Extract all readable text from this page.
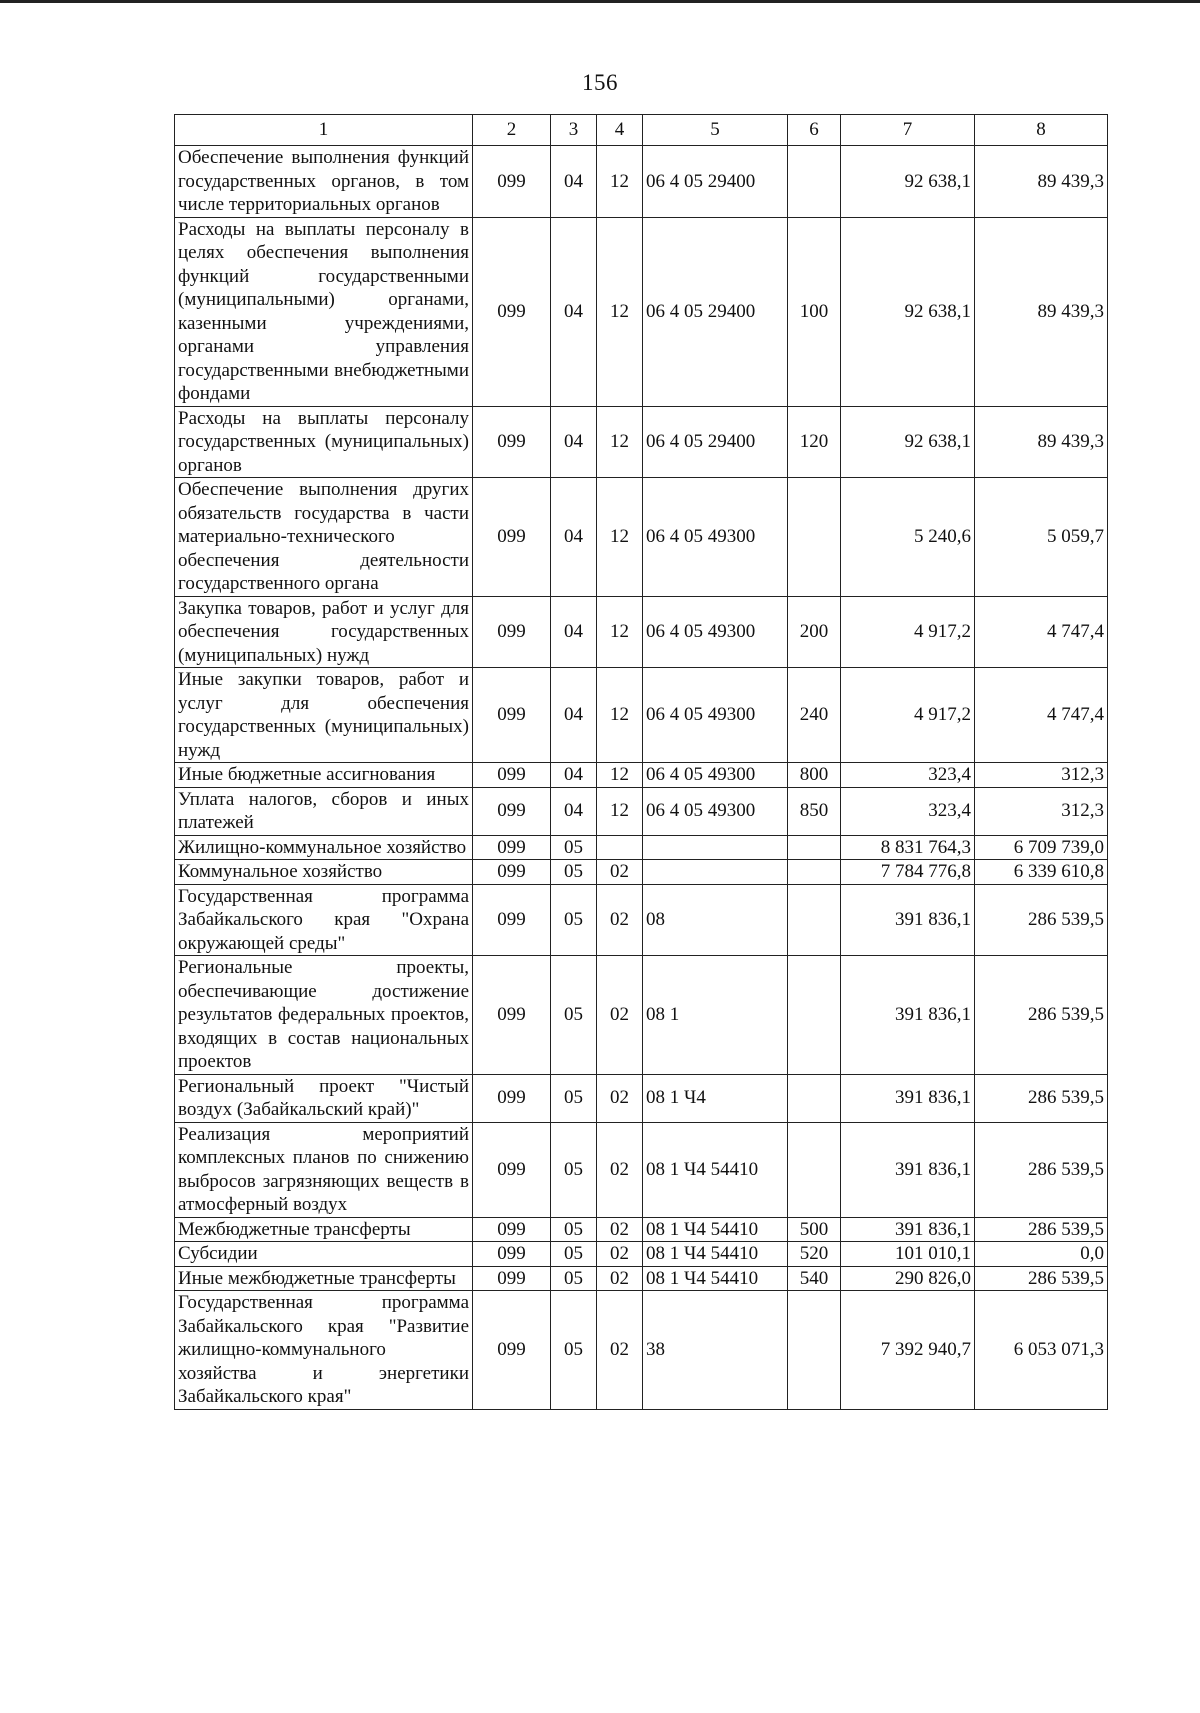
156
1	2	3	4	5	6	7	8
Обеспечение выполнения функций государственных органов, в том числе территориальных органов	099	04	12	06 4 05 29400		92 638,1	89 439,3
Расходы на выплаты персоналу в целях обеспечения выполнения функций государственными (муниципальными) органами, казенными учреждениями, органами управления государственными внебюджетными фондами	099	04	12	06 4 05 29400	100	92 638,1	89 439,3
Расходы на выплаты персоналу государственных (муниципальных) органов	099	04	12	06 4 05 29400	120	92 638,1	89 439,3
Обеспечение выполнения других обязательств государства в части материально-технического обеспечения деятельности государственного органа	099	04	12	06 4 05 49300		5 240,6	5 059,7
Закупка товаров, работ и услуг для обеспечения государственных (муниципальных) нужд	099	04	12	06 4 05 49300	200	4 917,2	4 747,4
Иные закупки товаров, работ и услуг для обеспечения государственных (муниципальных) нужд	099	04	12	06 4 05 49300	240	4 917,2	4 747,4
Иные бюджетные ассигнования	099	04	12	06 4 05 49300	800	323,4	312,3
Уплата налогов, сборов и иных платежей	099	04	12	06 4 05 49300	850	323,4	312,3
Жилищно-коммунальное хозяйство	099	05				8 831 764,3	6 709 739,0
Коммунальное хозяйство	099	05	02			7 784 776,8	6 339 610,8
Государственная программа Забайкальского края "Охрана окружающей среды"	099	05	02	08		391 836,1	286 539,5
Региональные проекты, обеспечивающие достижение результатов федеральных проектов, входящих в состав национальных проектов	099	05	02	08 1		391 836,1	286 539,5
Региональный проект "Чистый воздух (Забайкальский край)"	099	05	02	08 1 Ч4		391 836,1	286 539,5
Реализация мероприятий комплексных планов по снижению выбросов загрязняющих веществ в атмосферный воздух	099	05	02	08 1 Ч4 54410		391 836,1	286 539,5
Межбюджетные трансферты	099	05	02	08 1 Ч4 54410	500	391 836,1	286 539,5
Субсидии	099	05	02	08 1 Ч4 54410	520	101 010,1	0,0
Иные межбюджетные трансферты	099	05	02	08 1 Ч4 54410	540	290 826,0	286 539,5
Государственная программа Забайкальского края "Развитие жилищно-коммунального хозяйства и энергетики Забайкальского края"	099	05	02	38		7 392 940,7	6 053 071,3
